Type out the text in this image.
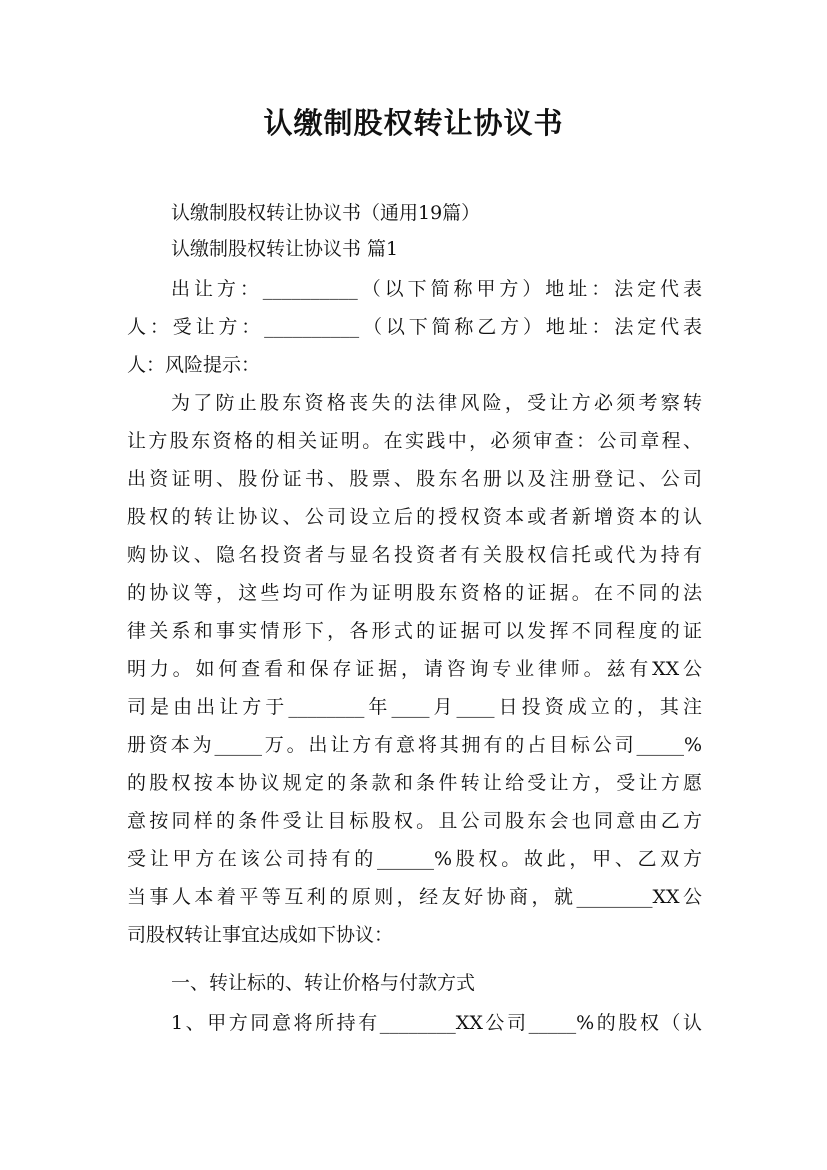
认缴制股权转让协议书
认缴制股权转让协议书（通用19篇）
认缴制股权转让协议书 篇1
出让方：__________（以下简称甲方）地址：法定代表
人：受让方：__________（以下简称乙方）地址：法定代表
人：风险提示：
为了防止股东资格丧失的法律风险，受让方必须考察转
让方股东资格的相关证明。在实践中，必须审查：公司章程、
出资证明、股份证书、股票、股东名册以及注册登记、公司
股权的转让协议、公司设立后的授权资本或者新增资本的认
购协议、隐名投资者与显名投资者有关股权信托或代为持有
的协议等，这些均可作为证明股东资格的证据。在不同的法
律关系和事实情形下，各形式的证据可以发挥不同程度的证
明力。如何查看和保存证据，请咨询专业律师。兹有XX公
司是由出让方于________年____月____日投资成立的，其注
册资本为_____万。出让方有意将其拥有的占目标公司_____%
的股权按本协议规定的条款和条件转让给受让方，受让方愿
意按同样的条件受让目标股权。且公司股东会也同意由乙方
受让甲方在该公司持有的______%股权。故此，甲、乙双方
当事人本着平等互利的原则，经友好协商，就________XX公
司股权转让事宜达成如下协议：
一、转让标的、转让价格与付款方式
1、甲方同意将所持有________XX公司_____%的股权（认
